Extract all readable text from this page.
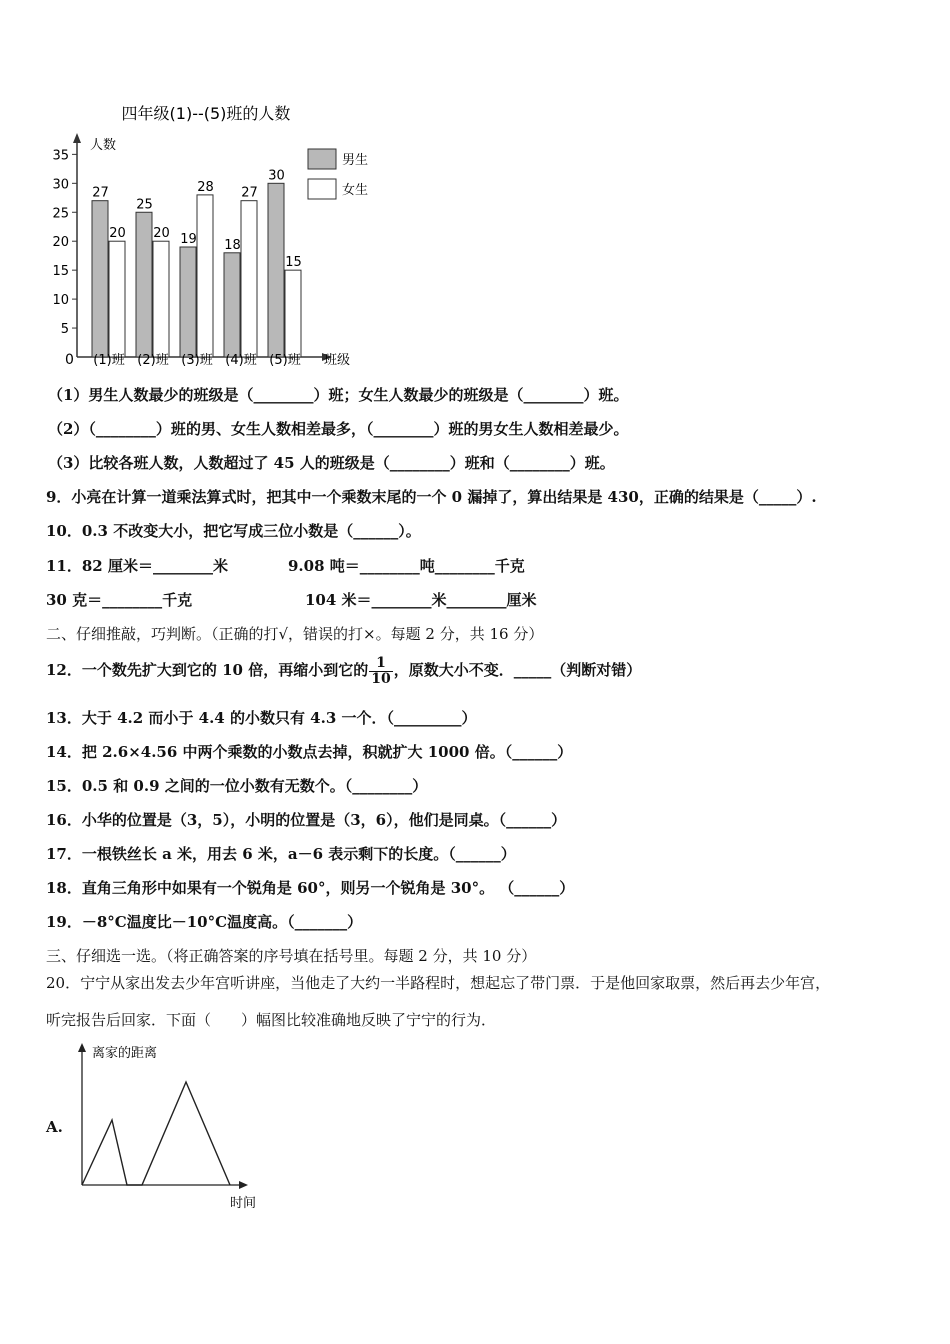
四年级(1)--(5)班的人数
人数
0	班级
5
10
15
20
25
30
35
27
20
(1)班
25
20
(2)班
19
28
(3)班
18
27
(4)班
30
15
(5)班
男生
女生
（1）男生人数最少的班级是（________）班；女生人数最少的班级是（________）班。
（2）（________）班的男、女生人数相差最多，（________）班的男女生人数相差最少。
（3）比较各班人数，人数超过了 45 人的班级是（________）班和（________）班。
9．小亮在计算一道乘法算式时，把其中一个乘数末尾的一个 0 漏掉了，算出结果是 430，正确的结果是（_____）.
10．0.3 不改变大小，把它写成三位小数是（______）。
11．82 厘米＝________米	9.08 吨＝________吨________千克
30 克＝________千克	104 米＝________米________厘米
二、仔细推敲，巧判断。（正确的打√，错误的打×。每题 2 分，共 16 分）
12．一个数先扩大到它的 10 倍，再缩小到它的 $\frac{1}{10}$ ，原数大小不变．_____（判断对错）
13．大于 4.2 而小于 4.4 的小数只有 4.3 一个．（_________）
14．把 2.6×4.56 中两个乘数的小数点去掉，积就扩大 1000 倍。（______）
15．0.5 和 0.9 之间的一位小数有无数个。（________）
16．小华的位置是（3，5），小明的位置是（3，6），他们是同桌。（______）
17．一根铁丝长 a 米，用去 6 米，a－6 表示剩下的长度。（______）
18．直角三角形中如果有一个锐角是 60°，则另一个锐角是 30°。 （______）
19．－8°C温度比－10°C温度高。（_______）
三、仔细选一选。（将正确答案的序号填在括号里。每题 2 分，共 10 分）
20．宁宁从家出发去少年宫听讲座，当他走了大约一半路程时，想起忘了带门票．于是他回家取票，然后再去少年宫，
听完报告后回家．下面（　　）幅图比较准确地反映了宁宁的行为．
A.
离家的距离
时间
